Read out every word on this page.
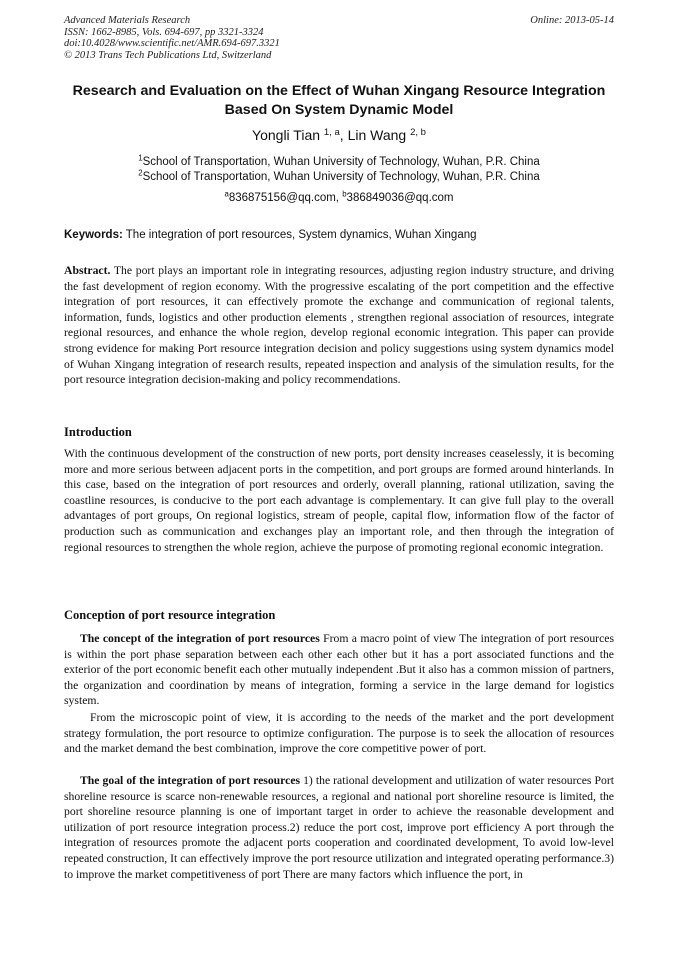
Advanced Materials Research
ISSN: 1662-8985, Vols. 694-697, pp 3321-3324
doi:10.4028/www.scientific.net/AMR.694-697.3321
© 2013 Trans Tech Publications Ltd, Switzerland
Online: 2013-05-14
Research and Evaluation on the Effect of Wuhan Xingang Resource Integration Based On System Dynamic Model
Yongli Tian $^{1, a}$, Lin Wang $^{2, b}$
$^1$School of Transportation, Wuhan University of Technology, Wuhan, P.R. China
$^2$School of Transportation, Wuhan University of Technology, Wuhan, P.R. China
$^a$836875156@qq.com, $^b$386849036@qq.com
Keywords: The integration of port resources, System dynamics, Wuhan Xingang
Abstract. The port plays an important role in integrating resources, adjusting region industry structure, and driving the fast development of region economy. With the progressive escalating of the port competition and the effective integration of port resources, it can effectively promote the exchange and communication of regional talents, information, funds, logistics and other production elements , strengthen regional association of resources, integrate regional resources, and enhance the whole region, develop regional economic integration. This paper can provide strong evidence for making Port resource integration decision and policy suggestions using system dynamics model of Wuhan Xingang integration of research results, repeated inspection and analysis of the simulation results, for the port resource integration decision-making and policy recommendations.
Introduction
With the continuous development of the construction of new ports, port density increases ceaselessly, it is becoming more and more serious between adjacent ports in the competition, and port groups are formed around hinterlands. In this case, based on the integration of port resources and orderly, overall planning, rational utilization, saving the coastline resources, is conducive to the port each advantage is complementary. It can give full play to the overall advantages of port groups, On regional logistics, stream of people, capital flow, information flow of the factor of production such as communication and exchanges play an important role, and then through the integration of regional resources to strengthen the whole region, achieve the purpose of promoting regional economic integration.
Conception of port resource integration
The concept of the integration of port resources From a macro point of view The integration of port resources is within the port phase separation between each other each other but it has a port associated functions and the exterior of the port economic benefit each other mutually independent .But it also has a common mission of partners, the organization and coordination by means of integration, forming a service in the large demand for logistics system.
From the microscopic point of view, it is according to the needs of the market and the port development strategy formulation, the port resource to optimize configuration. The purpose is to seek the allocation of resources and the market demand the best combination, improve the core competitive power of port.
The goal of the integration of port resources 1) the rational development and utilization of water resources Port shoreline resource is scarce non-renewable resources, a regional and national port shoreline resource is limited, the port shoreline resource planning is one of important target in order to achieve the reasonable development and utilization of port resource integration process.2) reduce the port cost, improve port efficiency A port through the integration of resources promote the adjacent ports cooperation and coordinated development, To avoid low-level repeated construction, It can effectively improve the port resource utilization and integrated operating performance.3) to improve the market competitiveness of port There are many factors which influence the port, in
